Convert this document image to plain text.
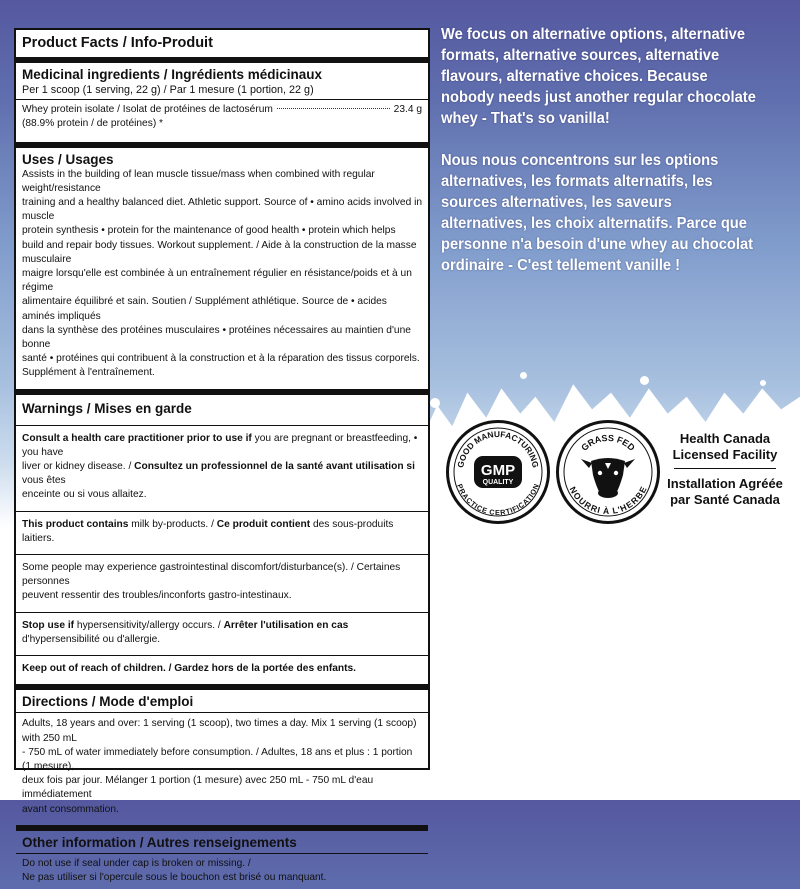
Product Facts / Info-Produit
Medicinal ingredients / Ingrédients médicinaux
Per 1 scoop (1 serving, 22 g) / Par 1 mesure (1 portion, 22 g)
Whey protein isolate / Isolat de protéines de lactosérum	23.4 g
(88.9% protein / de protéines) *
Uses / Usages
Assists in the building of lean muscle tissue/mass when combined with regular weight/resistance
training and a healthy balanced diet. Athletic support. Source of • amino acids involved in muscle
protein synthesis • protein for the maintenance of good health • protein which helps
build and repair body tissues. Workout supplement. / Aide à la construction de la masse musculaire
maigre lorsqu'elle est combinée à un entraînement régulier en résistance/poids et à un régime
alimentaire équilibré et sain. Soutien / Supplément athlétique. Source de • acides aminés impliqués
dans la synthèse des protéines musculaires • protéines nécessaires au maintien d'une bonne
santé • protéines qui contribuent à la construction et à la réparation des tissus corporels.
Supplément à l'entraînement.
Warnings / Mises en garde
Consult a health care practitioner prior to use if you are pregnant or breastfeeding, • you have
liver or kidney disease. / Consultez un professionnel de la santé avant utilisation si vous êtes
enceinte ou si vous allaitez.
This product contains milk by-products. / Ce produit contient des sous-produits laitiers.
Some people may experience gastrointestinal discomfort/disturbance(s). / Certaines personnes
peuvent ressentir des troubles/inconforts gastro-intestinaux.
Stop use if hypersensitivity/allergy occurs. / Arrêter l'utilisation en cas d'hypersensibilité ou d'allergie.
Keep out of reach of children. / Gardez hors de la portée des enfants.
Directions / Mode d'emploi
Adults, 18 years and over: 1 serving (1 scoop), two times a day. Mix 1 serving (1 scoop) with 250 mL
- 750 mL of water immediately before consumption. / Adultes, 18 ans et plus : 1 portion (1 mesure),
deux fois par jour. Mélanger 1 portion (1 mesure) avec 250 mL - 750 mL d'eau immédiatement
avant consommation.
Other information / Autres renseignements
Do not use if seal under cap is broken or missing. /
Ne pas utiliser si l'opercule sous le bouchon est brisé ou manquant.
We focus on alternative options, alternative formats, alternative sources, alternative flavours, alternative choices. Because nobody needs just another regular chocolate whey - That's so vanilla!
Nous nous concentrons sur les options alternatives, les formats alternatifs, les sources alternatives, les saveurs alternatives, les choix alternatifs. Parce que personne n'a besoin d'une whey au chocolat ordinaire - C'est tellement vanille !
GOOD MANUFACTURING
PRACTICE CERTIFICATION
GMP
QUALITY
GRASS FED
NOURRI À L'HERBE
Health Canada
Licensed Facility
Installation Agréée
par Santé Canada
